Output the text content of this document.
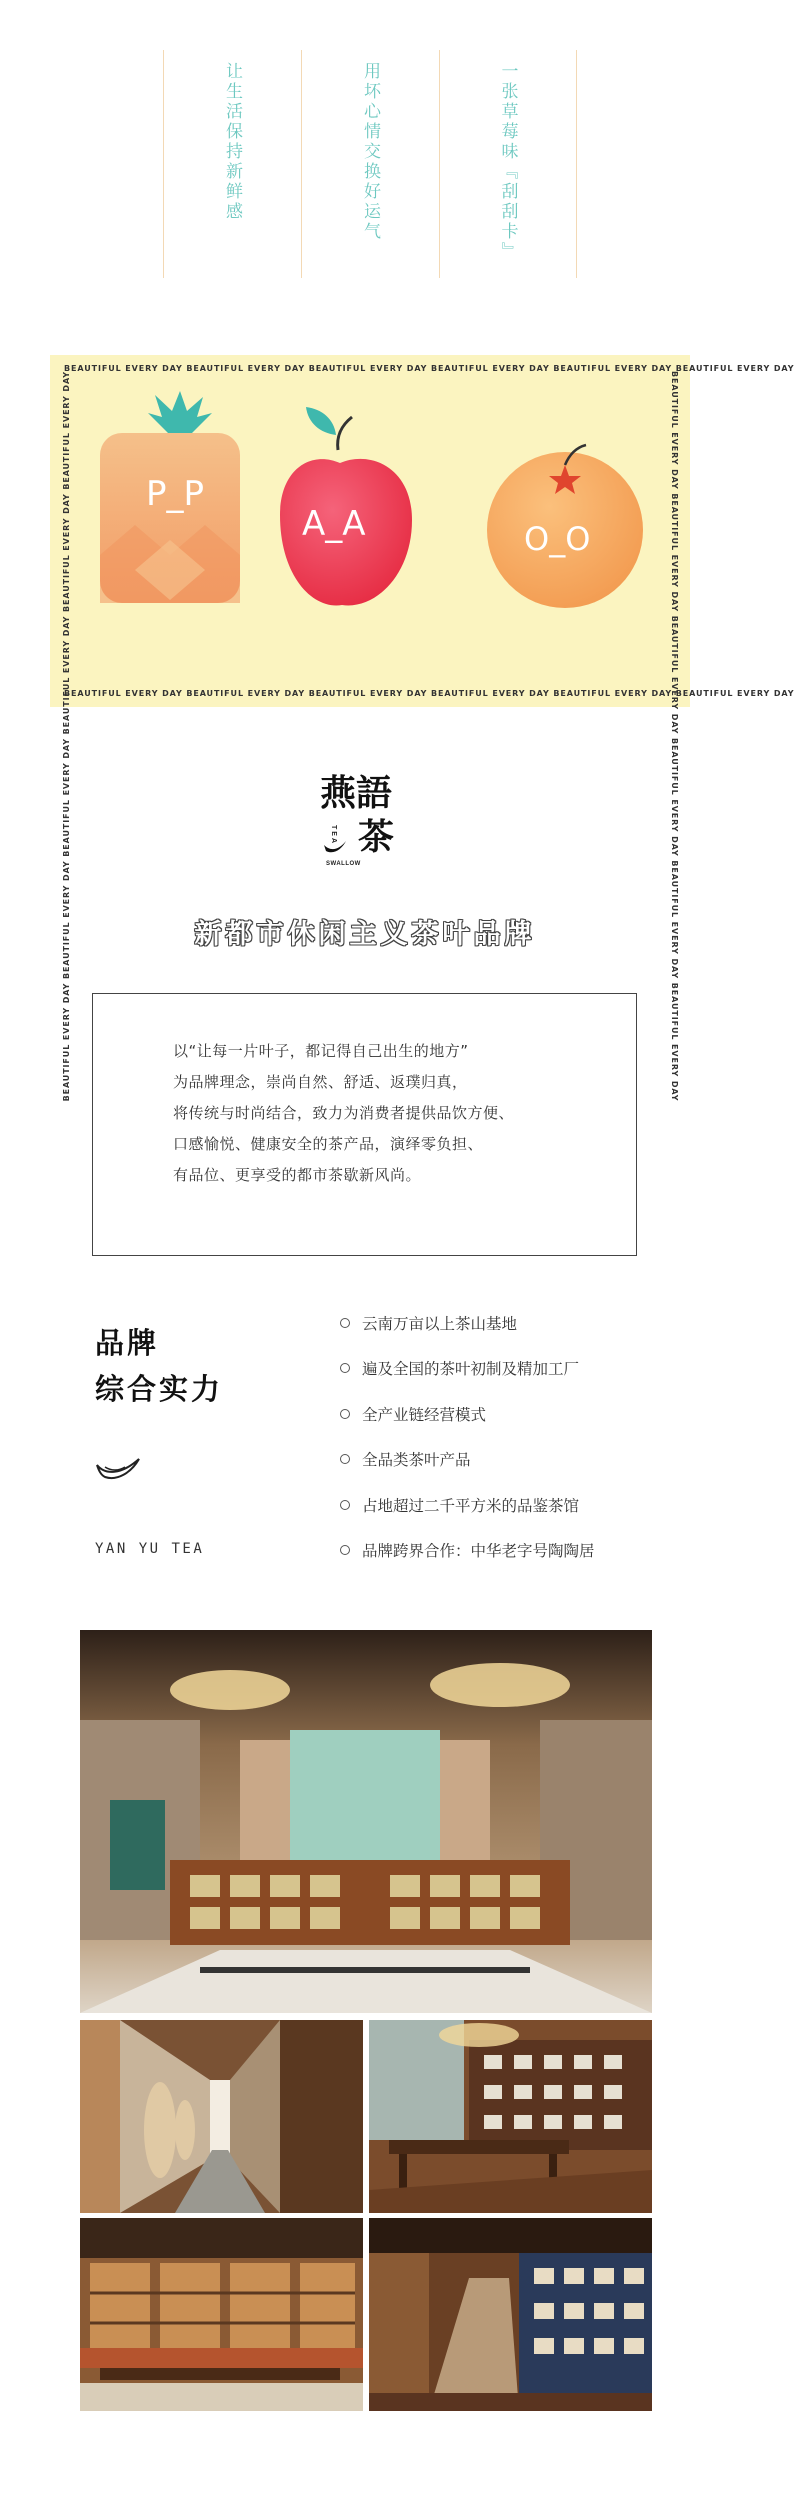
让生活保持新鲜感	用坏心情交换好运气	一张草莓味『刮刮卡』
BEAUTIFUL EVERY DAY BEAUTIFUL EVERY DAY BEAUTIFUL EVERY DAY BEAUTIFUL EVERY DAY BEAUTIFUL EVERY DAY BEAUTIFUL EVERY DAY
BEAUTIFUL EVERY DAY BEAUTIFUL EVERY DAY BEAUTIFUL EVERY DAY BEAUTIFUL EVERY DAY BEAUTIFUL EVERY DAY BEAUTIFUL EVERY DAY
BEAUTIFUL EVERY DAY BEAUTIFUL EVERY DAY BEAUTIFUL EVERY DAY BEAUTIFUL EVERY DAY BEAUTIFUL EVERY DAY BEAUTIFUL EVERY DAY	BEAUTIFUL EVERY DAY BEAUTIFUL EVERY DAY BEAUTIFUL EVERY DAY BEAUTIFUL EVERY DAY BEAUTIFUL EVERY DAY BEAUTIFUL EVERY DAY
P_P
A_A	O_O
燕語
TEA
SWALLOW
茶
新都市休闲主义茶叶品牌

以“让每一片叶子，都记得自己出生的地方”

为品牌理念，崇尚自然、舒适、返璞归真，

将传统与时尚结合，致力为消费者提供品饮方便、

口感愉悦、健康安全的茶产品，演绎零负担、

有品位、更享受的都市茶歇新风尚。

品牌
综合实力
YAN YU TEA
云南万亩以上茶山基地
遍及全国的茶叶初制及精加工厂
全产业链经营模式
全品类茶叶产品
占地超过二千平方米的品鉴茶馆
品牌跨界合作：中华老字号陶陶居
